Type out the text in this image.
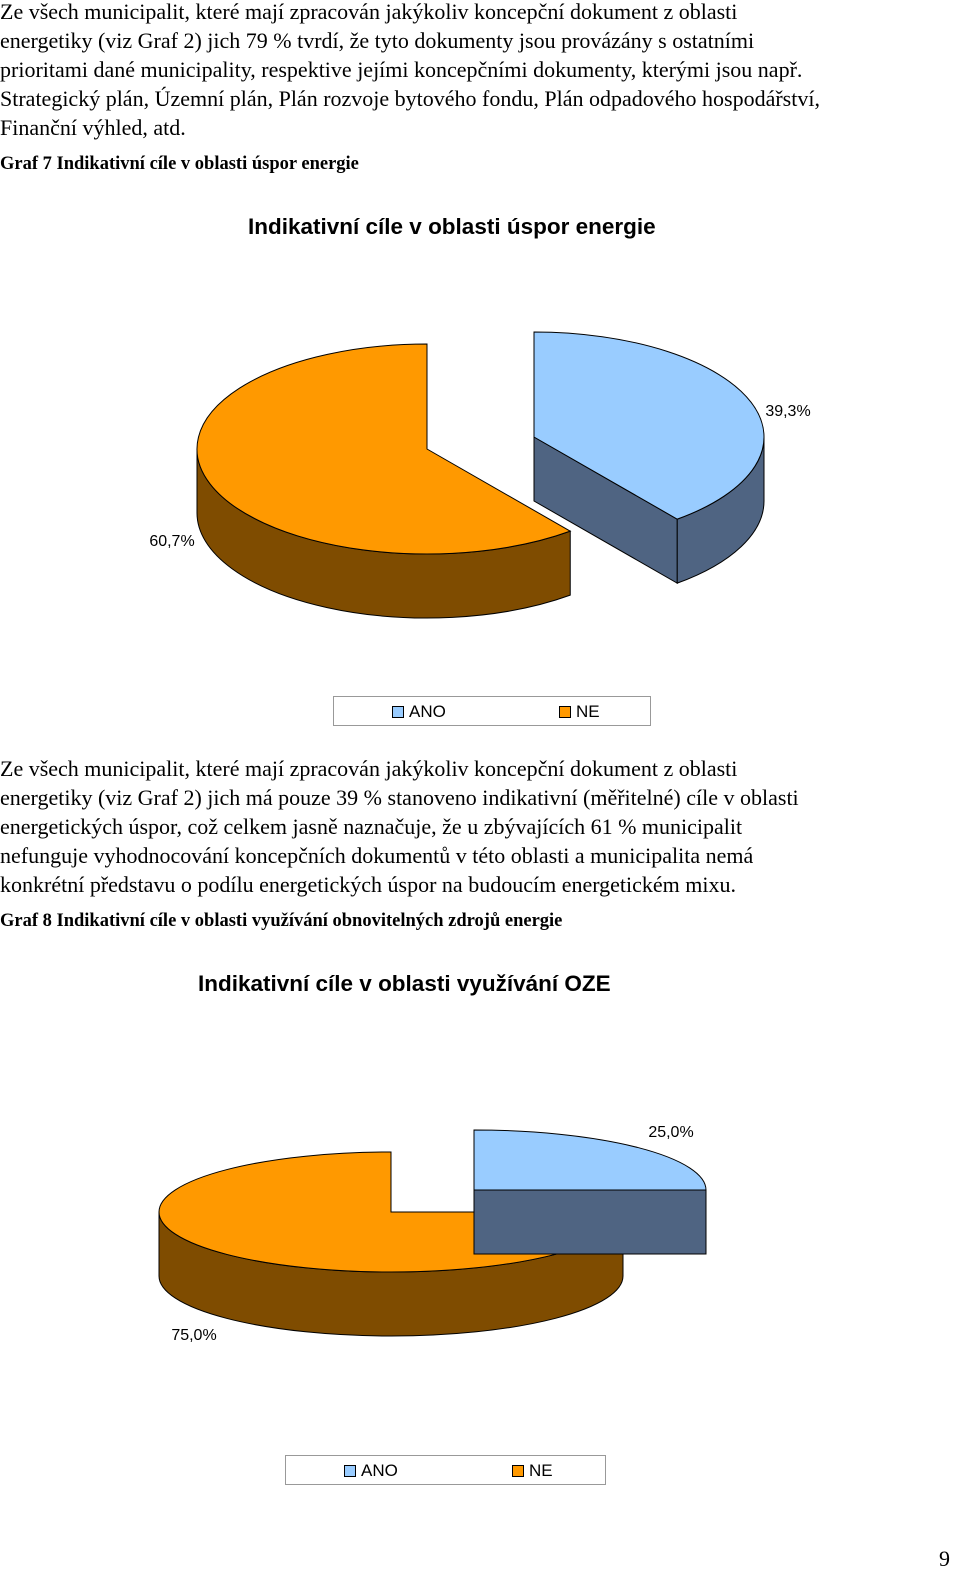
Ze všech municipalit, které mají zpracován jakýkoliv koncepční dokument z oblasti
energetiky (viz Graf 2) jich 79 % tvrdí, že tyto dokumenty jsou provázány s ostatními
prioritami dané municipality, respektive jejími koncepčními dokumenty, kterými jsou např.
Strategický plán, Územní plán, Plán rozvoje bytového fondu, Plán odpadového hospodářství,
Finanční výhled, atd.
Graf 7 Indikativní cíle v oblasti úspor energie
Indikativní cíle v oblasti úspor energie
39,3%
60,7%
ANO	NE
Ze všech municipalit, které mají zpracován jakýkoliv koncepční dokument z oblasti
energetiky (viz Graf 2) jich má pouze 39 % stanoveno indikativní (měřitelné) cíle v oblasti
energetických úspor, což celkem jasně naznačuje, že u zbývajících 61 % municipalit
nefunguje vyhodnocování koncepčních dokumentů v této oblasti a municipalita nemá
konkrétní představu o podílu energetických úspor na budoucím energetickém mixu.
Graf 8 Indikativní cíle v oblasti využívání obnovitelných zdrojů energie
Indikativní cíle v oblasti využívání OZE
25,0%
75,0%
ANO	NE
9
